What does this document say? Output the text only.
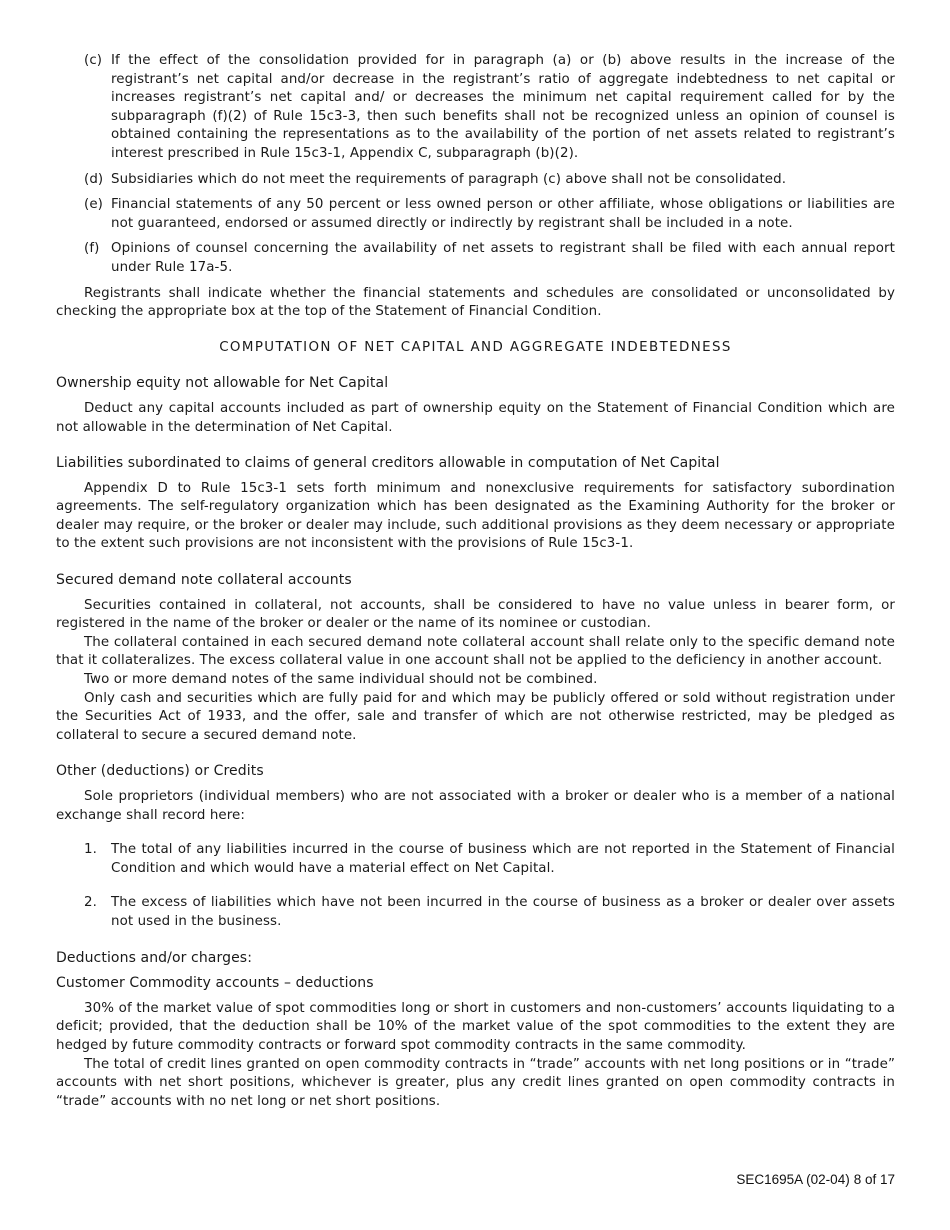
(c) If the effect of the consolidation provided for in paragraph (a) or (b) above results in the increase of the registrant’s net capital and/or decrease in the registrant’s ratio of aggregate indebtedness to net capital or increases registrant’s net capital and/ or decreases the minimum net capital requirement called for by the subparagraph (f)(2) of Rule 15c3-3, then such benefits shall not be recognized unless an opinion of counsel is obtained containing the representations as to the availability of the portion of net assets related to registrant’s interest prescribed in Rule 15c3-1, Appendix C, subparagraph (b)(2).

(d) Subsidiaries which do not meet the requirements of paragraph (c) above shall not be consolidated.

(e) Financial statements of any 50 percent or less owned person or other affiliate, whose obligations or liabilities are not guaranteed, endorsed or assumed directly or indirectly by registrant shall be included in a note.

(f) Opinions of counsel concerning the availability of net assets to registrant shall be filed with each annual report under Rule 17a-5.

Registrants shall indicate whether the financial statements and schedules are consolidated or unconsolidated by checking the appropriate box at the top of the Statement of Financial Condition.

COMPUTATION OF NET CAPITAL AND AGGREGATE INDEBTEDNESS
Ownership equity not allowable for Net Capital

Deduct any capital accounts included as part of ownership equity on the Statement of Financial Condition which are not allowable in the determination of Net Capital.

Liabilities subordinated to claims of general creditors allowable in computation of Net Capital

Appendix D to Rule 15c3-1 sets forth minimum and nonexclusive requirements for satisfactory subordination agreements. The self-regulatory organization which has been designated as the Examining Authority for the broker or dealer may require, or the broker or dealer may include, such additional provisions as they deem necessary or appropriate to the extent such provisions are not inconsistent with the provisions of Rule 15c3-1.

Secured demand note collateral accounts

Securities contained in collateral, not accounts, shall be considered to have no value unless in bearer form, or registered in the name of the broker or dealer or the name of its nominee or custodian.

The collateral contained in each secured demand note collateral account shall relate only to the specific demand note that it collateralizes. The excess collateral value in one account shall not be applied to the deficiency in another account.

Two or more demand notes of the same individual should not be combined.

Only cash and securities which are fully paid for and which may be publicly offered or sold without registration under the Securities Act of 1933, and the offer, sale and transfer of which are not otherwise restricted, may be pledged as collateral to secure a secured demand note.

Other (deductions) or Credits

Sole proprietors (individual members) who are not associated with a broker or dealer who is a member of a national exchange shall record here:

1.	The total of any liabilities incurred in the course of business which are not reported in the Statement of Financial Condition and which would have a material effect on Net Capital.

2.	The excess of liabilities which have not been incurred in the course of business as a broker or dealer over assets not used in the business.

Deductions and/or charges:
Customer Commodity accounts – deductions

30% of the market value of spot commodities long or short in customers and non-customers’ accounts liquidating to a deficit; provided, that the deduction shall be 10% of the market value of the spot commodities to the extent they are hedged by future commodity contracts or forward spot commodity contracts in the same commodity.

The total of credit lines granted on open commodity contracts in “trade” accounts with net long positions or in “trade” accounts with net short positions, whichever is greater, plus any credit lines granted on open commodity contracts in “trade” accounts with no net long or net short positions.

SEC1695A (02-04) 8 of 17
